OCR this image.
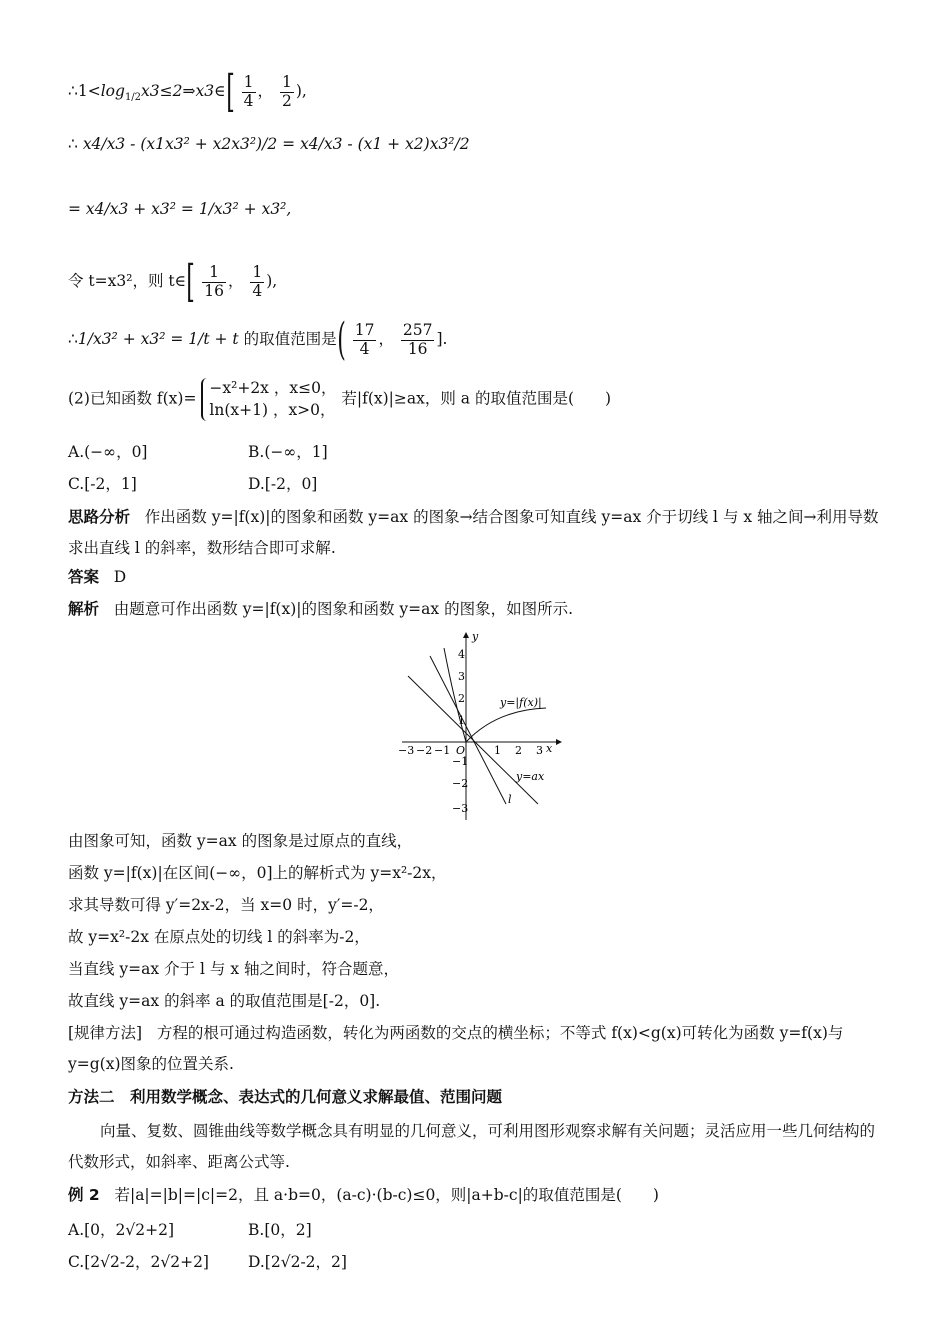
$\therefore 1<\log_{1/2}x3\le 2\Rightarrow x3\in[ \frac{1}{4}$ ， $\frac{1}{2}$ ),
∴ x4/x3 - (x1x3² + x2x3²)/2 = x4/x3 - (x1 + x2)x3²/2
= x4/x3 + x3² = 1/x3² + x3²,
令 t=x3²，则 t∈[ $\frac{1}{16}$ ， $\frac{1}{4}$ ),
∴1/x3² + x3² = 1/t + t 的取值范围是( $\frac{17}{4}$ ， $\frac{257}{16}$ ].
(2)已知函数 f(x)=
−x²+2x ，x≤0，
ln(x+1) ，x>0，
若|f(x)|≥ax，则 a 的取值范围是(　　)
A.(−∞，0]	B.(−∞，1]
C.[-2，1]	D.[-2，0]
思路分析 作出函数 y=|f(x)|的图象和函数 y=ax 的图象→结合图象可知直线 y=ax 介于切线 l 与 x 轴之间→利用导数求出直线 l 的斜率，数形结合即可求解.
答案 D
解析 由题意可作出函数 y=|f(x)|的图象和函数 y=ax 的图象，如图所示.
x
y
O
−3 −2 −1	1 2 3
4
3
2
1
−1
−2
−3
y=|f(x)|
y=ax
l
由图象可知，函数 y=ax 的图象是过原点的直线，
函数 y=|f(x)|在区间(−∞，0]上的解析式为 y=x²-2x，
求其导数可得 y′=2x-2，当 x=0 时，y′=-2，
故 y=x²-2x 在原点处的切线 l 的斜率为-2，
当直线 y=ax 介于 l 与 x 轴之间时，符合题意，
故直线 y=ax 的斜率 a 的取值范围是[-2，0].
[规律方法] 方程的根可通过构造函数，转化为两函数的交点的横坐标；不等式 f(x)<g(x)可转化为函数 y=f(x)与 y=g(x)图象的位置关系.
方法二　利用数学概念、表达式的几何意义求解最值、范围问题
向量、复数、圆锥曲线等数学概念具有明显的几何意义，可利用图形观察求解有关问题；灵活应用一些几何结构的代数形式，如斜率、距离公式等.
例 2 若|a|=|b|=|c|=2，且 a·b=0，(a-c)·(b-c)≤0，则|a+b-c|的取值范围是(　　)
A.[0，2√2+2]	B.[0，2]
C.[2√2-2，2√2+2]	D.[2√2-2，2]
